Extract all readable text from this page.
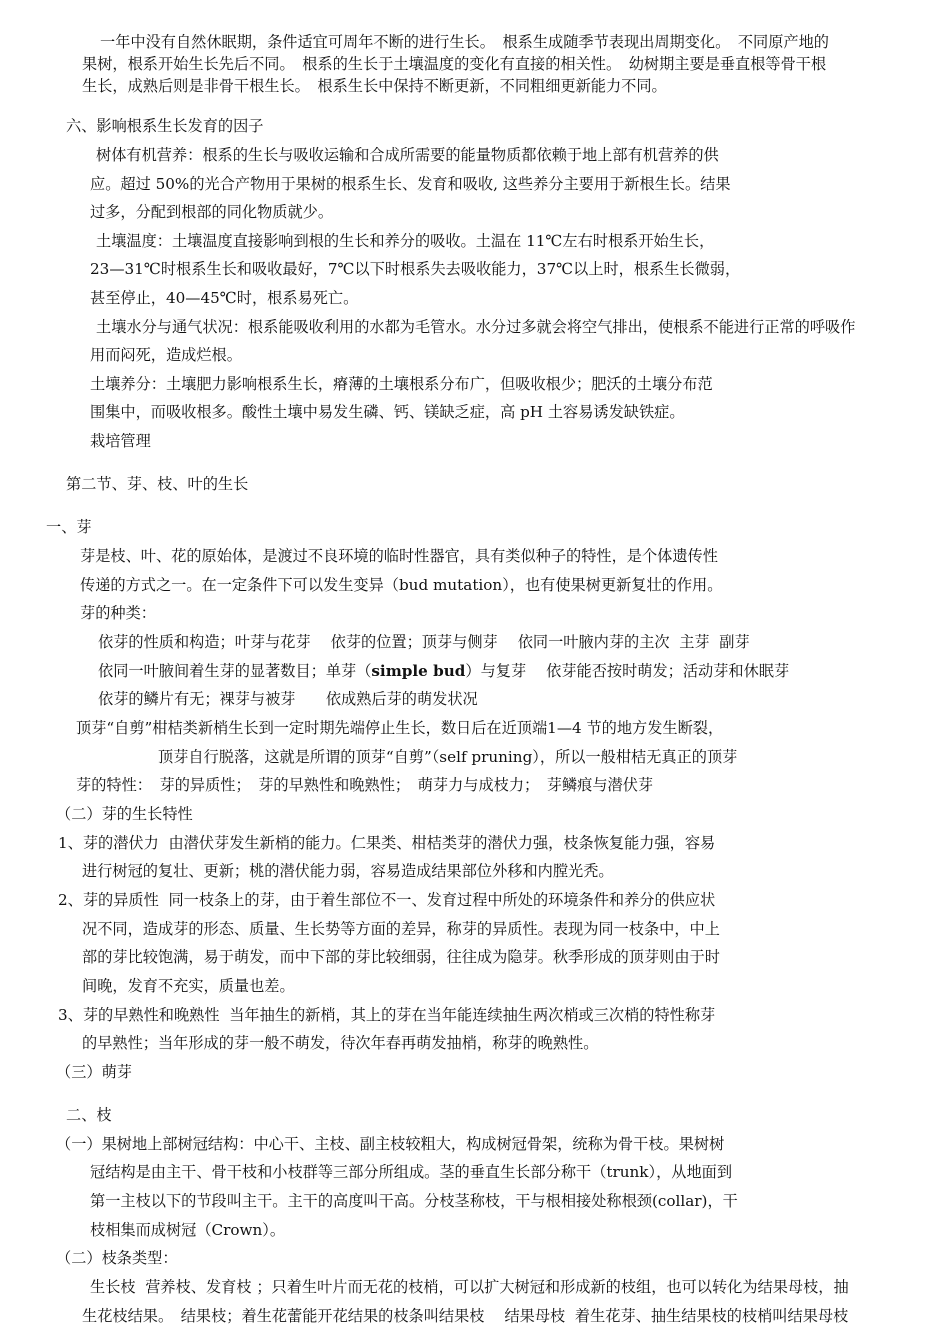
一年中没有自然休眠期，条件适宜可周年不断的进行生长。　根系生成随季节表现出周期变化。　不同原产地的
果树，根系开始生长先后不同。　根系的生长于土壤温度的变化有直接的相关性。　幼树期主要是垂直根等骨干根
生长，成熟后则是非骨干根生长。　根系生长中保持不断更新，不同粗细更新能力不同。
六、影响根系生长发育的因子
树体有机营养：根系的生长与吸收运输和合成所需要的能量物质都依赖于地上部有机营养的供
应。超过 50%的光合产物用于果树的根系生长、发育和吸收, 这些养分主要用于新根生长。结果
过多，分配到根部的同化物质就少。
土壤温度：土壤温度直接影响到根的生长和养分的吸收。土温在 11℃左右时根系开始生长，
23—31℃时根系生长和吸收最好，7℃以下时根系失去吸收能力，37℃以上时，根系生长微弱，
甚至停止，40—45℃时，根系易死亡。
土壤水分与通气状况：根系能吸收利用的水都为毛管水。水分过多就会将空气排出，使根系不能进行正常的呼吸作
用而闷死，造成烂根。
土壤养分：土壤肥力影响根系生长，瘠薄的土壤根系分布广，但吸收根少；肥沃的土壤分布范
围集中，而吸收根多。酸性土壤中易发生磷、钙、镁缺乏症，高 pH 土容易诱发缺铁症。
栽培管理
第二节、芽、枝、叶的生长
一、芽
芽是枝、叶、花的原始体，是渡过不良环境的临时性器官，具有类似种子的特性，是个体遗传性
传递的方式之一。在一定条件下可以发生变异（bud mutation），也有使果树更新复壮的作用。
芽的种类：
依芽的性质和构造；叶芽与花芽　 依芽的位置；顶芽与侧芽　 依同一叶腋内芽的主次  主芽  副芽
依同一叶腋间着生芽的显著数目；单芽（simple bud）与复芽　 依芽能否按时萌发；活动芽和休眠芽
依芽的鳞片有无；裸芽与被芽　　依成熟后芽的萌发状况
顶芽“自剪”柑桔类新梢生长到一定时期先端停止生长，数日后在近顶端1—4 节的地方发生断裂，
顶芽自行脱落，这就是所谓的顶芽“自剪”（self pruning），所以一般柑桔无真正的顶芽
芽的特性：　芽的异质性；　芽的早熟性和晚熟性；　萌芽力与成枝力；　芽鳞痕与潜伏芽
（二）芽的生长特性
1、芽的潜伏力  由潜伏芽发生新梢的能力。仁果类、柑桔类芽的潜伏力强，枝条恢复能力强，容易
进行树冠的复壮、更新；桃的潜伏能力弱，容易造成结果部位外移和内膛光秃。
2、芽的异质性  同一枝条上的芽，由于着生部位不一、发育过程中所处的环境条件和养分的供应状
况不同，造成芽的形态、质量、生长势等方面的差异，称芽的异质性。表现为同一枝条中，中上
部的芽比较饱满，易于萌发，而中下部的芽比较细弱，往往成为隐芽。秋季形成的顶芽则由于时
间晚，发育不充实，质量也差。
3、芽的早熟性和晚熟性  当年抽生的新梢，其上的芽在当年能连续抽生两次梢或三次梢的特性称芽
的早熟性；当年形成的芽一般不萌发，待次年春再萌发抽梢，称芽的晚熟性。
（三）萌芽
二、枝
（一）果树地上部树冠结构：中心干、主枝、副主枝较粗大，构成树冠骨架，统称为骨干枝。果树树
冠结构是由主干、骨干枝和小枝群等三部分所组成。茎的垂直生长部分称干（trunk），从地面到
第一主枝以下的节段叫主干。主干的高度叫干高。分枝茎称枝，干与根相接处称根颈(collar)，干
枝相集而成树冠（Crown）。
（二）枝条类型：
生长枝  营养枝、发育枝 ；只着生叶片而无花的枝梢，可以扩大树冠和形成新的枝组，也可以转化为结果母枝，抽
生花枝结果。　结果枝；着生花蕾能开花结果的枝条叫结果枝　 结果母枝  着生花芽、抽生结果枝的枝梢叫结果母枝
